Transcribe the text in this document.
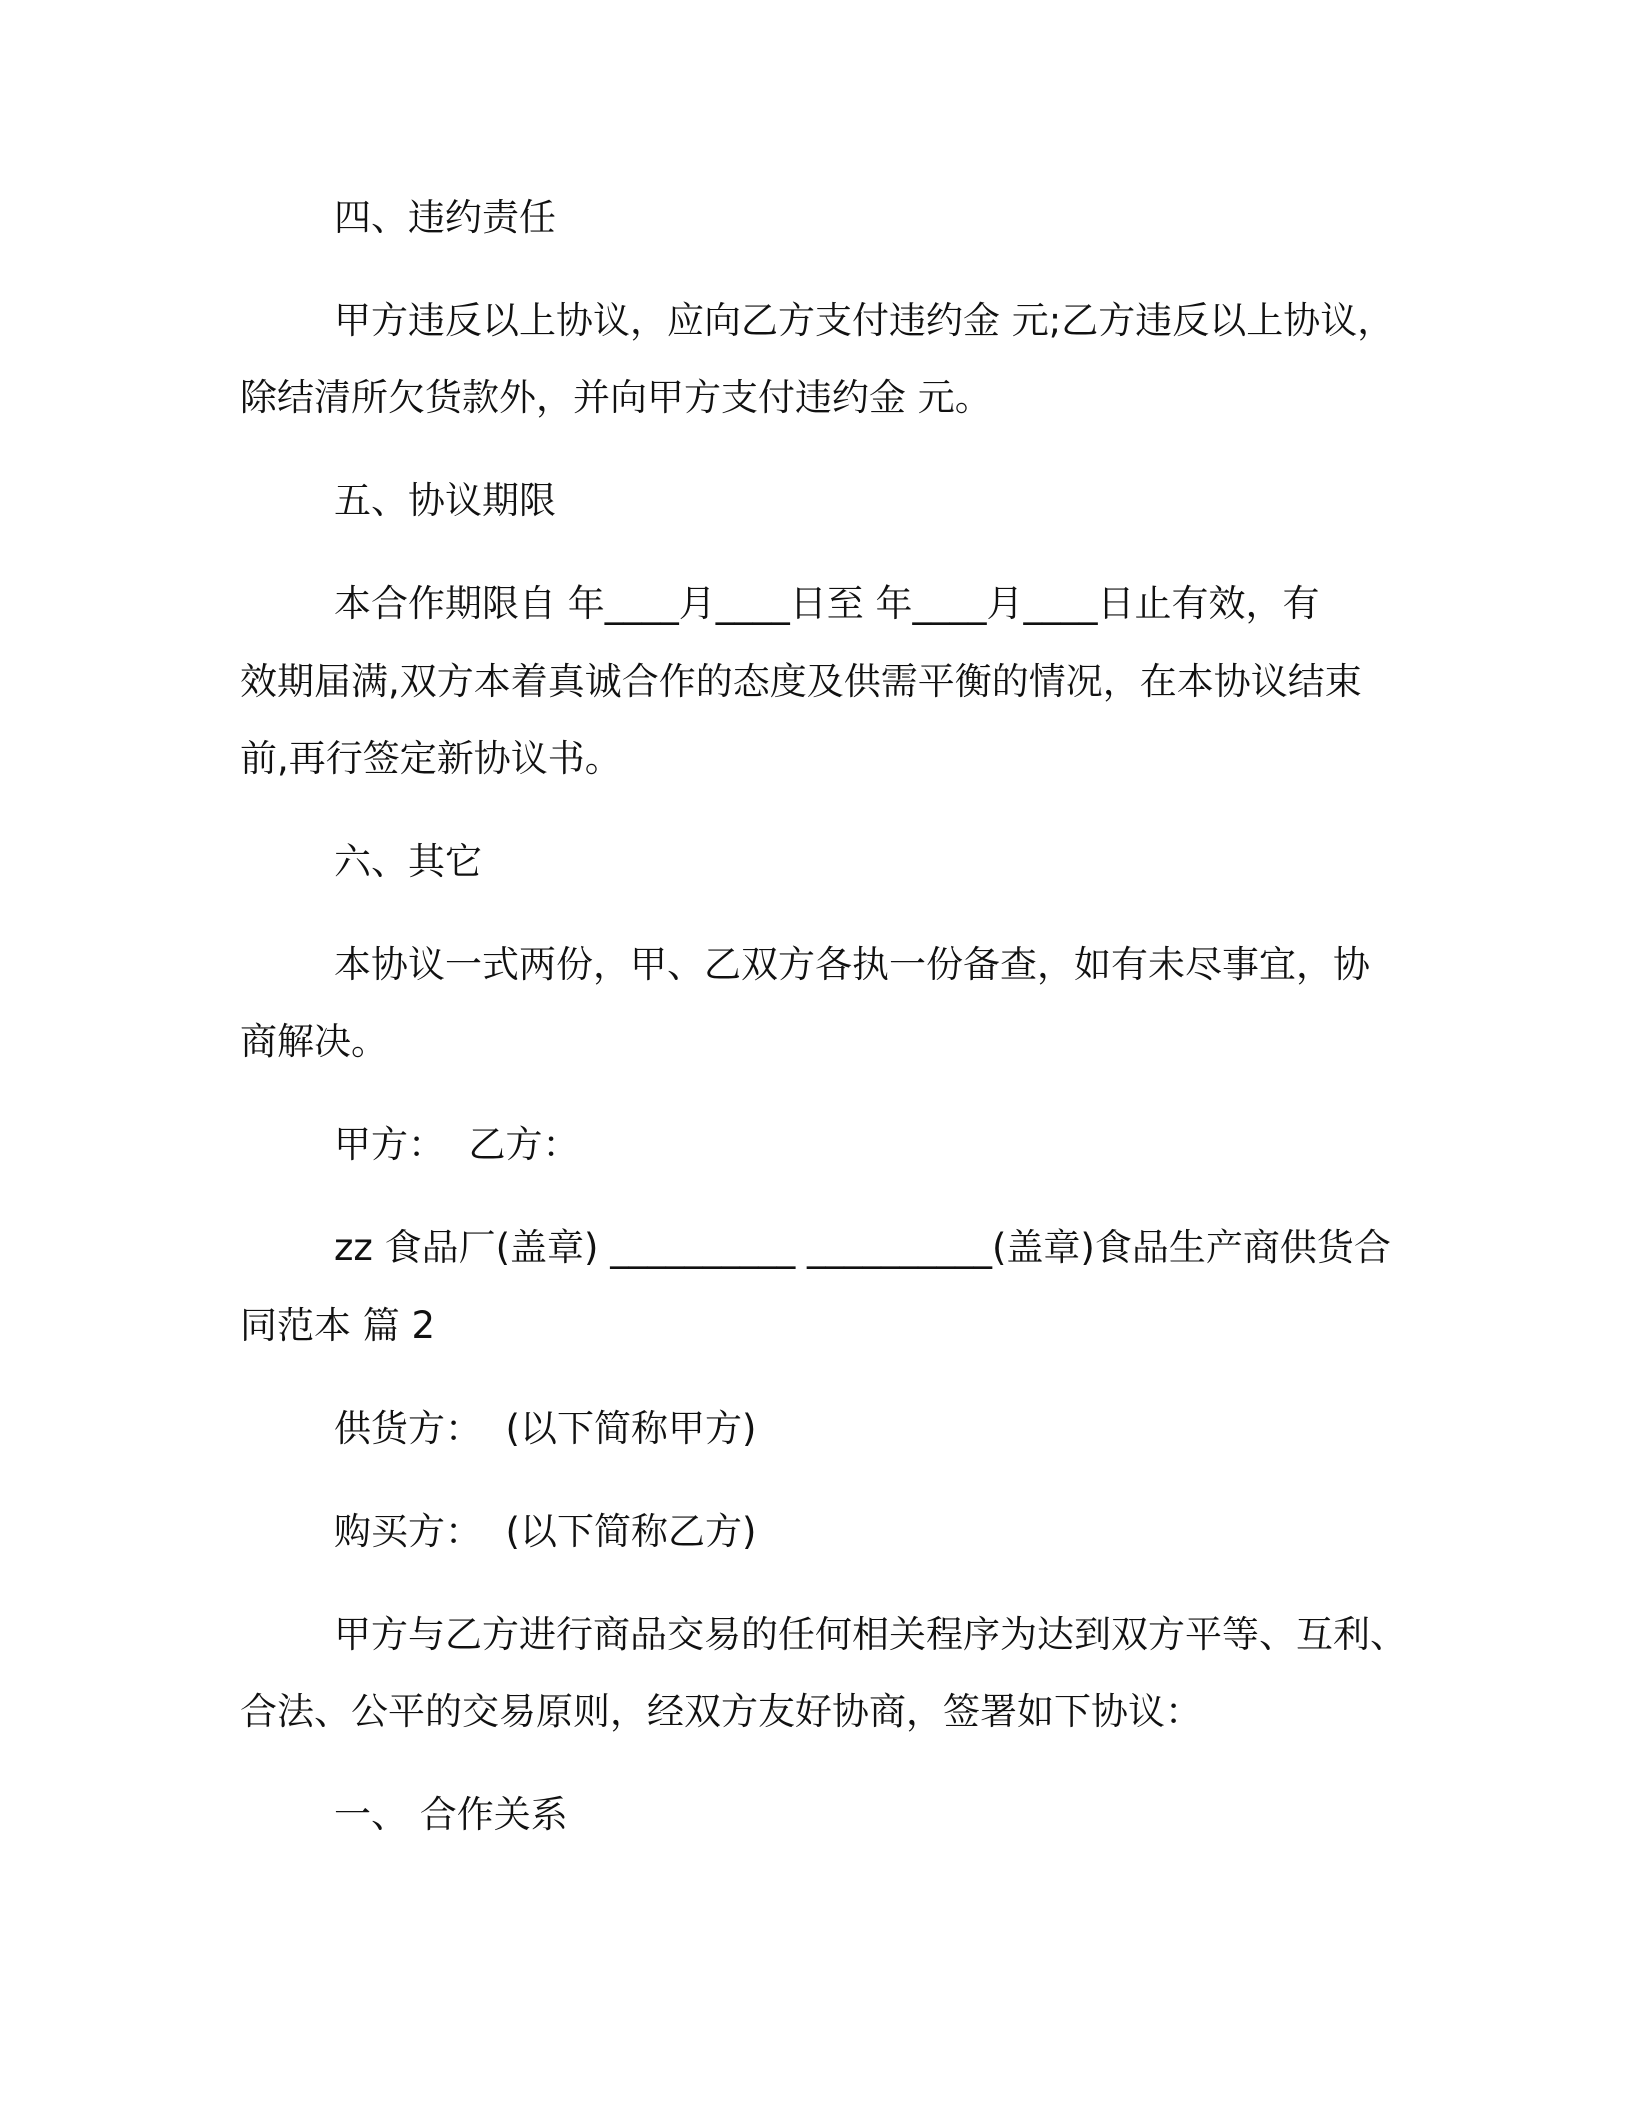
四、违约责任
甲方违反以上协议，应向乙方支付违约金 元;乙方违反以上协议，
除结清所欠货款外，并向甲方支付违约金 元。
五、协议期限
本合作期限自 年____月____日至 年____月____日止有效，有
效期届满,双方本着真诚合作的态度及供需平衡的情况，在本协议结束
前,再行签定新协议书。
六、其它
本协议一式两份，甲、乙双方各执一份备查，如有未尽事宜，协
商解决。
甲方：  乙方：
zz 食品厂(盖章) __________ __________(盖章)食品生产商供货合
同范本 篇 2
供货方：  (以下简称甲方)
购买方：  (以下简称乙方)
甲方与乙方进行商品交易的任何相关程序为达到双方平等、互利、
合法、公平的交易原则，经双方友好协商，签署如下协议：
一、 合作关系
